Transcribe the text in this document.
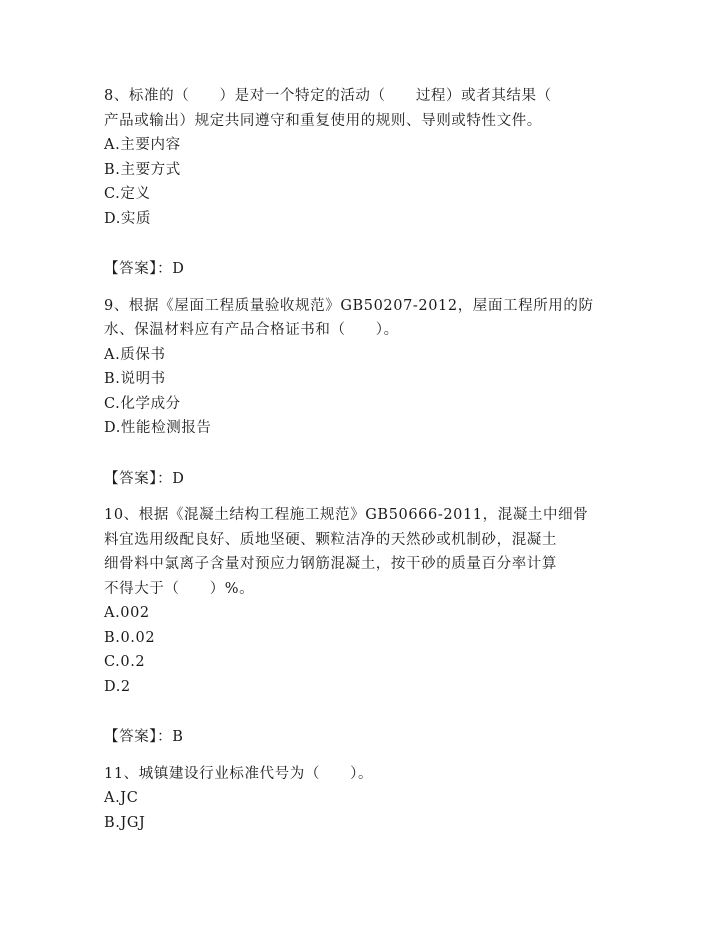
8、标准的（　　）是对一个特定的活动（　　过程）或者其结果（
产品或输出）规定共同遵守和重复使用的规则、导则或特性文件。
A.主要内容
B.主要方式
C.定义
D.实质
【答案】：D
9、根据《屋面工程质量验收规范》GB50207-2012，屋面工程所用的防
水、保温材料应有产品合格证书和（　　）。
A.质保书
B.说明书
C.化学成分
D.性能检测报告
【答案】：D
10、根据《混凝土结构工程施工规范》GB50666-2011，混凝土中细骨
料宜选用级配良好、质地坚硬、颗粒洁净的天然砂或机制砂，混凝土
细骨料中氯离子含量对预应力钢筋混凝土，按干砂的质量百分率计算
不得大于（　　）%。
A.002
B.0.02
C.0.2
D.2
【答案】：B
11、城镇建设行业标准代号为（　　）。
A.JC
B.JGJ
